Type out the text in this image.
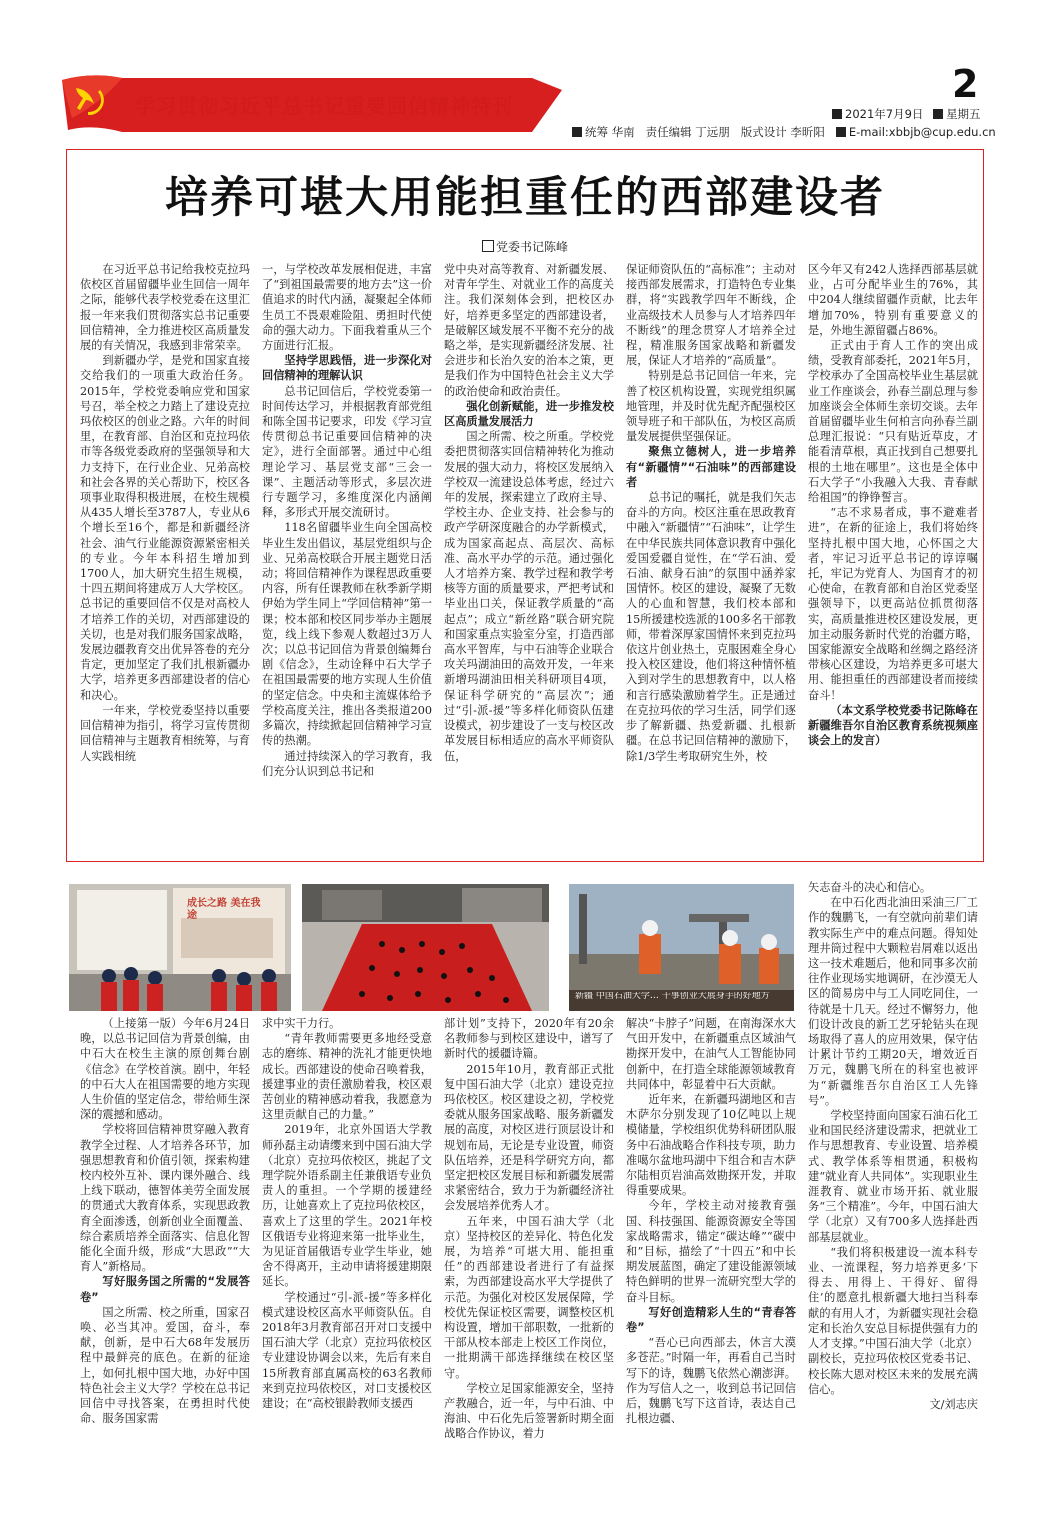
学习贯彻习近平总书记重要回信精神特刊	2
2021年7月9日 星期五
统筹 华南 责任编辑 丁远朋 版式设计 李昕阳 E-mail:xbbjb@cup.edu.cn
培养可堪大用能担重任的西部建设者
党委书记陈峰

在习近平总书记给我校克拉玛依校区首届留疆毕业生回信一周年之际，能够代表学校党委在这里汇报一年来我们贯彻落实总书记重要回信精神，全力推进校区高质量发展的有关情况，我感到非常荣幸。

到新疆办学，是党和国家直接交给我们的一项重大政治任务。2015年，学校党委响应党和国家号召，举全校之力踏上了建设克拉玛依校区的创业之路。六年的时间里，在教育部、自治区和克拉玛依市等各级党委政府的坚强领导和大力支持下，在行业企业、兄弟高校和社会各界的关心帮助下，校区各项事业取得积极进展，在校生规模从435人增长至3787人，专业从6个增长至16个，都是和新疆经济社会、油气行业能源资源紧密相关的专业。今年本科招生增加到1700人，加大研究生招生规模，十四五期间将建成万人大学校区。总书记的重要回信不仅是对高校人才培养工作的关切，对西部建设的关切，也是对我们服务国家战略，发展边疆教育交出优异答卷的充分肯定，更加坚定了我们扎根新疆办大学，培养更多西部建设者的信心和决心。

一年来，学校党委坚持以重要回信精神为指引，将学习宣传贯彻回信精神与主题教育相统筹，与育人实践相统

一，与学校改革发展相促进，丰富了“到祖国最需要的地方去”这一价值追求的时代内涵，凝聚起全体师生员工不畏艰难险阻、勇担时代使命的强大动力。下面我着重从三个方面进行汇报。

坚持学思践悟，进一步深化对回信精神的理解认识

总书记回信后，学校党委第一时间传达学习，并根据教育部党组和陈全国书记要求，印发《学习宣传贯彻总书记重要回信精神的决定》，进行全面部署。通过中心组理论学习、基层党支部“三会一课”、主题活动等形式，多层次进行专题学习，多维度深化内涵阐释，多形式开展交流研讨。

118名留疆毕业生向全国高校毕业生发出倡议，基层党组织与企业、兄弟高校联合开展主题党日活动；将回信精神作为课程思政重要内容，所有任课教师在秋季新学期伊始为学生同上“学回信精神”第一课；校本部和校区同步举办主题展览，线上线下参观人数超过3万人次；以总书记回信为背景创编舞台剧《信念》，生动诠释中石大学子在祖国最需要的地方实现人生价值的坚定信念。中央和主流媒体给予学校高度关注，推出各类报道200多篇次，持续掀起回信精神学习宣传的热潮。

通过持续深入的学习教育，我们充分认识到总书记和

党中央对高等教育、对新疆发展、对青年学生、对就业工作的高度关注。我们深刻体会到，把校区办好，培养更多坚定的西部建设者，是破解区域发展不平衡不充分的战略之举，是实现新疆经济发展、社会进步和长治久安的治本之策，更是我们作为中国特色社会主义大学的政治使命和政治责任。

强化创新赋能，进一步推发校区高质量发展活力

国之所需、校之所重。学校党委把贯彻落实回信精神转化为推动发展的强大动力，将校区发展纳入学校双一流建设总体考虑，经过六年的发展，探索建立了政府主导、学校主办、企业支持、社会参与的政产学研深度融合的办学新模式，成为国家高起点、高层次、高标准、高水平办学的示范。通过强化人才培养方案、教学过程和教学考核等方面的质量要求，严把考试和毕业出口关，保证教学质量的“高起点”；成立“新丝路”联合研究院和国家重点实验室分室，打造西部高水平智库，与中石油等企业联合攻关玛湖油田的高效开发，一年来新增玛湖油田相关科研项目4项，保证科学研究的“高层次”；通过“引-派-援”等多样化师资队伍建设模式，初步建设了一支与校区改革发展目标相适应的高水平师资队伍，

保证师资队伍的“高标准”；主动对接西部发展需求，打造特色专业集群，将“实践教学四年不断线，企业高级技术人员参与人才培养四年不断线”的理念贯穿人才培养全过程，精准服务国家战略和新疆发展，保证人才培养的“高质量”。

特别是总书记回信一年来，完善了校区机构设置，实现党组织属地管理，并及时优先配齐配强校区领导班子和干部队伍，为校区高质量发展提供坚强保证。

聚焦立德树人，进一步培养有“新疆情”“石油味”的西部建设者

总书记的嘱托，就是我们矢志奋斗的方向。校区注重在思政教育中融入“新疆情”“石油味”，让学生在中华民族共同体意识教育中强化爱国爱疆自觉性，在“学石油、爱石油、献身石油”的氛围中涵养家国情怀。校区的建设，凝聚了无数人的心血和智慧，我们校本部和15所援建校选派的100多名干部教师，带着深厚家国情怀来到克拉玛依这片创业热土，克服困难全身心投入校区建设，他们将这种情怀植入到对学生的思想教育中，以人格和言行感染激励着学生。正是通过在克拉玛依的学习生活，同学们逐步了解新疆、热爱新疆、扎根新疆。在总书记回信精神的激励下，除1/3学生考取研究生外，校

区今年又有242人选择西部基层就业，占可分配毕业生的76%，其中204人继续留疆作贡献，比去年增加70%，特别有重要意义的是，外地生源留疆占86%。

正式由于育人工作的突出成绩，受教育部委托，2021年5月，学校承办了全国高校毕业生基层就业工作座谈会，孙春兰副总理与参加座谈会全体师生亲切交谈。去年首届留疆毕业生何柏言向孙春兰副总理汇报说：“只有贴近草皮，才能看清草根，真正找到自己想要扎根的土地在哪里”。这也是全体中石大学子“小我融入大我、青春献给祖国”的铮铮誓言。

“志不求易者成，事不避难者进”，在新的征途上，我们将始终坚持扎根中国大地，心怀国之大者，牢记习近平总书记的谆谆嘱托，牢记为党育人、为国育才的初心使命，在教育部和自治区党委坚强领导下，以更高站位抓贯彻落实，高质量推进校区建设发展，更加主动服务新时代党的治疆方略，国家能源安全战略和丝绸之路经济带核心区建设，为培养更多可堪大用、能担重任的西部建设者而接续奋斗！

（本文系学校党委书记陈峰在新疆维吾尔自治区教育系统视频座谈会上的发言）

成长之路 美在我途
新疆 中国石油大学… 干事创业大展身手的好地方

（上接第一版）今年6月24日晚，以总书记回信为背景创编，由中石大在校生主演的原创舞台剧《信念》在学校首演。剧中，年轻的中石大人在祖国需要的地方实现人生价值的坚定信念，带给师生深深的震撼和感动。

学校将回信精神贯穿融入教育教学全过程、人才培养各环节，加强思想教育和价值引领，探索构建校内校外互补、课内课外融合、线上线下联动，德智体美劳全面发展的贯通式大教育体系，实现思政教育全面渗透，创新创业全面覆盖、综合素质培养全面落实、信息化智能化全面升级，形成“大思政”“大育人”新格局。

写好服务国之所需的“发展答卷”

国之所需、校之所重，国家召唤、必当其冲。爱国，奋斗，奉献，创新，是中石大68年发展历程中最鲜亮的底色。在新的征途上，如何扎根中国大地，办好中国特色社会主义大学？学校在总书记回信中寻找答案，在勇担时代使命、服务国家需

求中实干力行。

“青年教师需要更多地经受意志的磨练、精神的洗礼才能更快地成长。西部建设的使命召唤着我，援建事业的责任激励着我，校区艰苦创业的精神感动着我，我愿意为这里贡献自己的力量。”

2019年，北京外国语大学教师孙磊主动请缨来到中国石油大学（北京）克拉玛依校区，挑起了文理学院外语系副主任兼俄语专业负责人的重担。一个学期的援建经历，让她喜欢上了克拉玛依校区，喜欢上了这里的学生。2021年校区俄语专业将迎来第一批毕业生，为见证首届俄语专业学生毕业，她舍不得离开，主动申请将援建期限延长。

学校通过“引-派-援”等多样化模式建设校区高水平师资队伍。自2018年3月教育部召开对口支援中国石油大学（北京）克拉玛依校区专业建设协调会以来，先后有来自15所教育部直属高校的63名教师来到克拉玛依校区，对口支援校区建设；在“高校银龄教师支援西

部计划”支持下，2020年有20余名教师参与到校区建设中，谱写了新时代的援疆诗篇。

2015年10月，教育部正式批复中国石油大学（北京）建设克拉玛依校区。校区建设之初，学校党委就从服务国家战略、服务新疆发展的高度，对校区进行顶层设计和规划布局，无论是专业设置，师资队伍培养，还是科学研究方向，都坚定把校区发展目标和新疆发展需求紧密结合，致力于为新疆经济社会发展培养优秀人才。

五年来，中国石油大学（北京）坚持校区的差异化、特色化发展，为培养“可堪大用、能担重任”的西部建设者进行了有益探索，为西部建设高水平大学提供了示范。为强化对校区发展保障，学校优先保证校区需要，调整校区机构设置，增加干部职数，一批新的干部从校本部走上校区工作岗位，一批期满干部选择继续在校区坚守。

学校立足国家能源安全，坚持产教融合，近一年，与中石油、中海油、中石化先后签署新时期全面战略合作协议，着力

解决“卡脖子”问题，在南海深水大气田开发中，在新疆重点区域油气勘探开发中，在油气人工智能协同创新中，在打造全球能源领域教育共同体中，彰显着中石大贡献。

近年来，在新疆玛湖地区和吉木萨尔分别发现了10亿吨以上规模储量，学校组织优势科研团队服务中石油战略合作科技专项，助力准噶尔盆地玛湖中下组合和吉木萨尔陆相页岩油高效勘探开发，并取得重要成果。

今年，学校主动对接教育强国、科技强国、能源资源安全等国家战略需求，锚定“碳达峰”“碳中和”目标，描绘了“十四五”和中长期发展蓝图，确定了建设能源领域特色鲜明的世界一流研究型大学的奋斗目标。

写好创造精彩人生的“青春答卷”

“吾心已向西部去，休言大漠多苍茫。”时隔一年，再看自己当时写下的诗，魏鹏飞依然心潮澎湃。作为写信人之一，收到总书记回信后，魏鹏飞写下这首诗，表达自己扎根边疆、

矢志奋斗的决心和信心。

在中石化西北油田采油三厂工作的魏鹏飞，一有空就向前辈们请教实际生产中的难点问题。得知处理井筒过程中大颗粒岩屑难以返出这一技术难题后，他和同事多次前往作业现场实地调研，在沙漠无人区的简易房中与工人同吃同住，一待就是十几天。经过不懈努力，他们设计改良的新工艺牙轮钻头在现场取得了喜人的应用效果，保守估计累计节约工期20天，增效近百万元，魏鹏飞所在的科室也被评为“新疆维吾尔自治区工人先锋号”。

学校坚持面向国家石油石化工业和国民经济建设需求，把就业工作与思想教育、专业设置、培养模式、教学体系等相贯通，积极构建“就业育人共同体”。实现职业生涯教育、就业市场开拓、就业服务“三个精准”。今年，中国石油大学（北京）又有700多人选择赴西部基层就业。

“我们将积极建设一流本科专业、一流课程，努力培养更多‘下得去、用得上、干得好、留得住’的愿意扎根新疆大地扫当科奉献的有用人才，为新疆实现社会稳定和长治久安总目标提供强有力的人才支撑。”中国石油大学（北京）副校长，克拉玛依校区党委书记、校长陈大恩对校区未来的发展充满信心。

文/刘志庆
